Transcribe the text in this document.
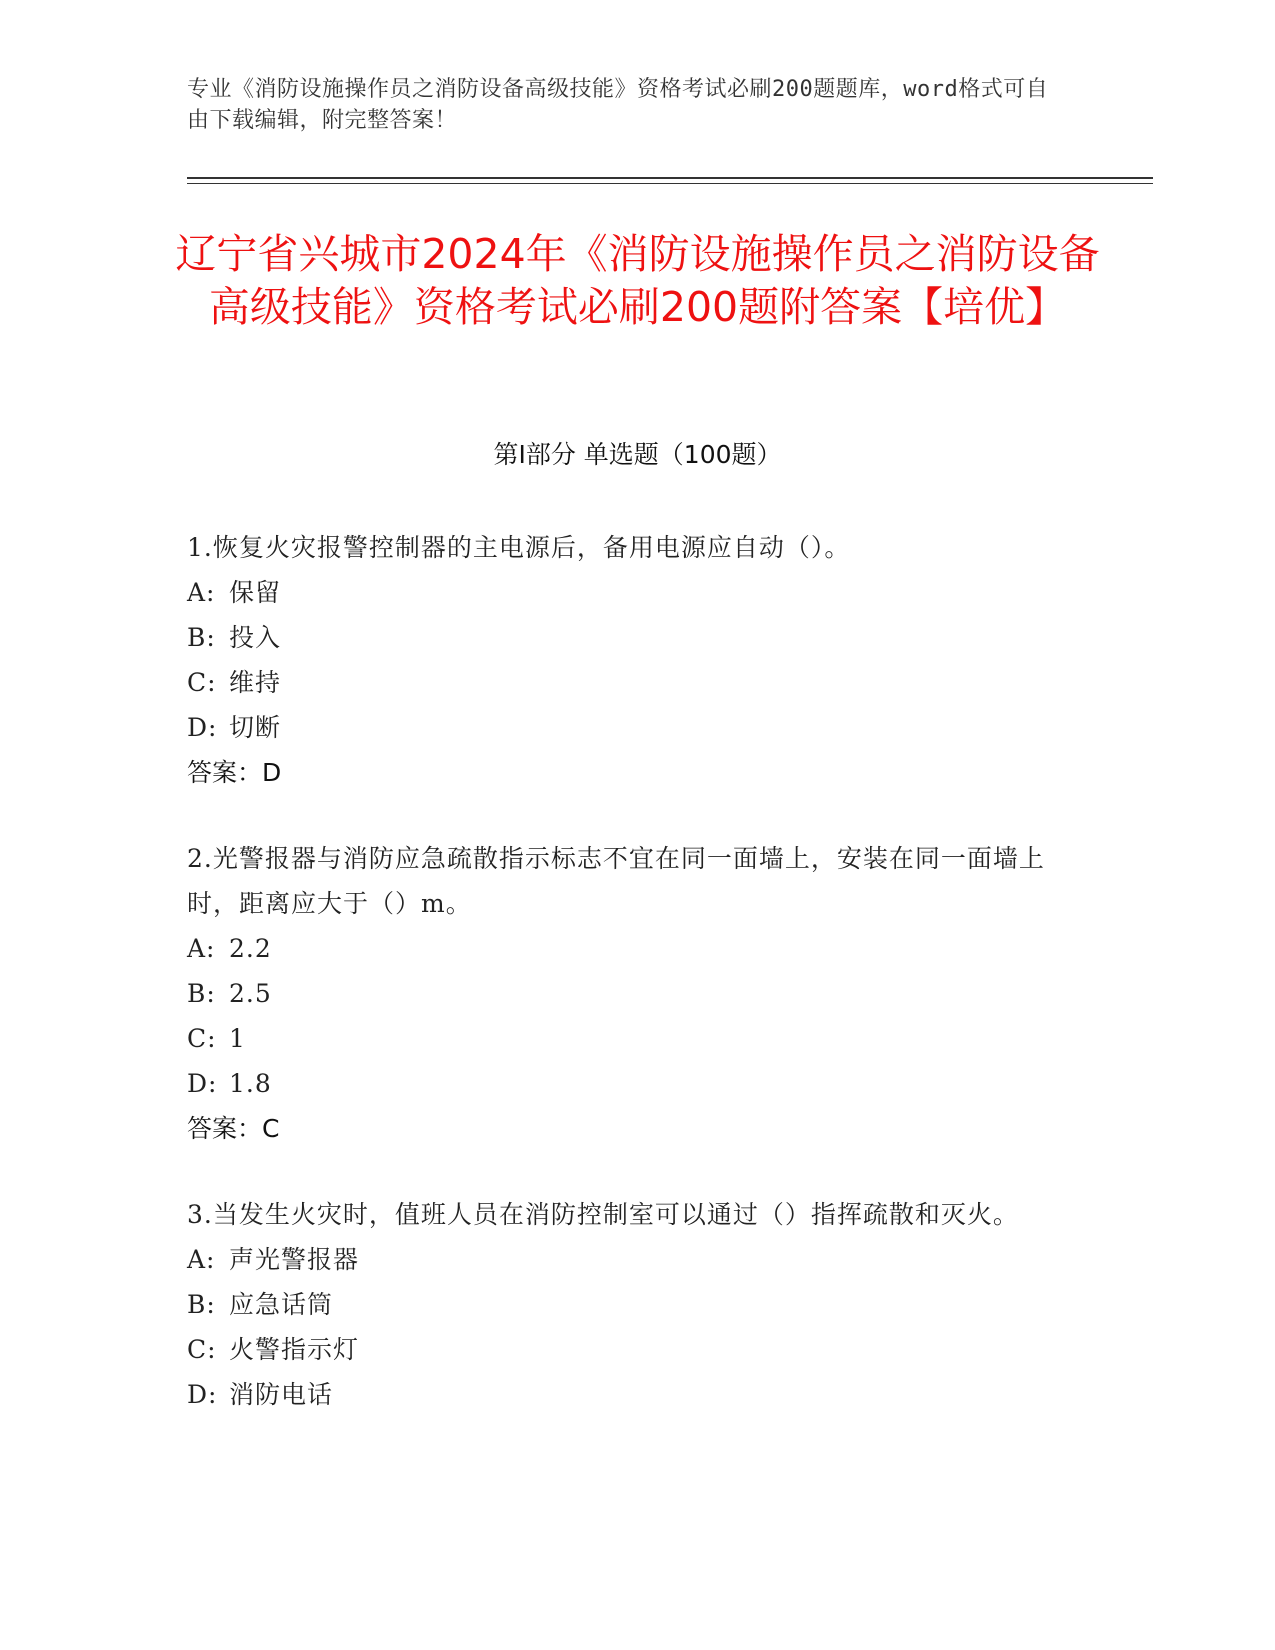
专业《消防设施操作员之消防设备高级技能》资格考试必刷200题题库，word格式可自由下载编辑，附完整答案！
辽宁省兴城市2024年《消防设施操作员之消防设备高级技能》资格考试必刷200题附答案【培优】
第I部分 单选题（100题）
1.恢复火灾报警控制器的主电源后，备用电源应自动（）。
A: 保留
B: 投入
C: 维持
D: 切断
答案：D
2.光警报器与消防应急疏散指示标志不宜在同一面墙上，安装在同一面墙上时，距离应大于（）m。
A: 2.2
B: 2.5
C: 1
D: 1.8
答案：C
3.当发生火灾时，值班人员在消防控制室可以通过（）指挥疏散和灭火。
A: 声光警报器
B: 应急话筒
C: 火警指示灯
D: 消防电话
